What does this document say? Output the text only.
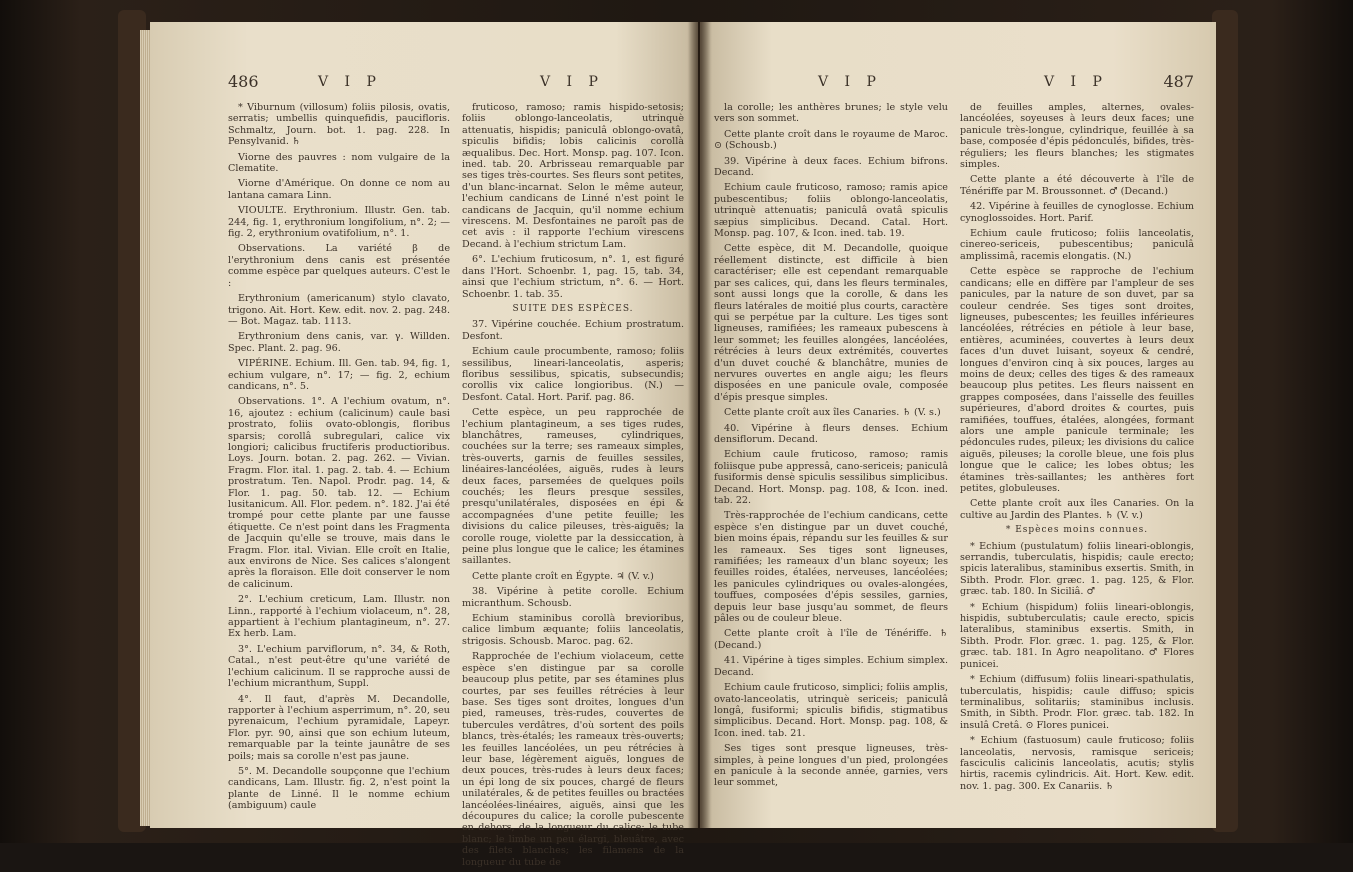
486	V I P	V I P

* Viburnum (villosum) foliis pilosis, ovatis, serratis; umbellis quinquefidis, paucifloris. Schmaltz, Journ. bot. 1. pag. 228. In Pensylvanid. ♄

Viorne des pauvres : nom vulgaire de la Clematite.

Viorne d'Amérique. On donne ce nom au lantana camara Linn.

VIOULTE. Erythronium. Illustr. Gen. tab. 244, fig. 1, erythronium longifolium, n°. 2; — fig. 2, erythronium ovatifolium, n°. 1.

Observations. La variété β de l'erythronium dens canis est présentée comme espèce par quelques auteurs. C'est le :

Erythronium (americanum) stylo clavato, trigono. Ait. Hort. Kew. edit. nov. 2. pag. 248. — Bot. Magaz. tab. 1113.

Erythronium dens canis, var. γ. Willden. Spec. Plant. 2. pag. 96.

VIPÉRINE. Echium. Ill. Gen. tab. 94, fig. 1, echium vulgare, n°. 17; — fig. 2, echium candicans, n°. 5.

Observations. 1°. A l'echium ovatum, n°. 16, ajoutez : echium (calicinum) caule basi prostrato, foliis ovato-oblongis, floribus sparsis; corollâ subregulari, calice vix longiori; calicibus fructiferis productioribus. Loys. Journ. botan. 2. pag. 262. — Vivian. Fragm. Flor. ital. 1. pag. 2. tab. 4. — Echium prostratum. Ten. Napol. Prodr. pag. 14, & Flor. 1. pag. 50. tab. 12. — Echium lusitanicum. All. Flor. pedem. n°. 182. J'ai été trompé pour cette plante par une fausse étiquette. Ce n'est point dans les Fragmenta de Jacquin qu'elle se trouve, mais dans le Fragm. Flor. ital. Vivian. Elle croît en Italie, aux environs de Nice. Ses calices s'alongent après la floraison. Elle doit conserver le nom de calicinum.

2°. L'echium creticum, Lam. Illustr. non Linn., rapporté à l'echium violaceum, n°. 28, appartient à l'echium plantagineum, n°. 27. Ex herb. Lam.

3°. L'echium parviflorum, n°. 34, & Roth, Catal., n'est peut-être qu'une variété de l'echium calicinum. Il se rapproche aussi de l'echium micranthum, Suppl.

4°. Il faut, d'après M. Decandolle, rapporter à l'echium asperrimum, n°. 20, seu pyrenaicum, l'echium pyramidale, Lapeyr. Flor. pyr. 90, ainsi que son echium luteum, remarquable par la teinte jaunâtre de ses poils; mais sa corolle n'est pas jaune.

5°. M. Decandolle soupçonne que l'echium candicans, Lam. Illustr. fig. 2, n'est point la plante de Linné. Il le nomme echium (ambiguum) caule

fruticoso, ramoso; ramis hispido-setosis; foliis oblongo-lanceolatis, utrinquè attenuatis, hispidis; paniculâ oblongo-ovatâ, spiculis bifidis; lobis calicinis corollà æqualibus. Dec. Hort. Monsp. pag. 107. Icon. ined. tab. 20. Arbrisseau remarquable par ses tiges très-courtes. Ses fleurs sont petites, d'un blanc-incarnat. Selon le même auteur, l'echium candicans de Linné n'est point le candicans de Jacquin, qu'il nomme echium virescens. M. Desfontaines ne paroît pas de cet avis : il rapporte l'echium virescens Decand. à l'echium strictum Lam.

6°. L'echium fruticosum, n°. 1, est figuré dans l'Hort. Schoenbr. 1, pag. 15, tab. 34, ainsi que l'echium strictum, n°. 6. — Hort. Schoenbr. 1. tab. 35.

SUITE DES ESPÈCES.

37. Vipérine couchée. Echium prostratum. Desfont.

Echium caule procumbente, ramoso; foliis sessilibus, lineari-lanceolatis, asperis; floribus sessilibus, spicatis, subsecundis; corollis vix calice longioribus. (N.) — Desfont. Catal. Hort. Parif. pag. 86.

Cette espèce, un peu rapprochée de l'echium plantagineum, a ses tiges rudes, blanchâtres, rameuses, cylindriques, couchées sur la terre; ses rameaux simples, très-ouverts, garnis de feuilles sessiles, linéaires-lancéolées, aiguës, rudes à leurs deux faces, parsemées de quelques poils couchés; les fleurs presque sessiles, presqu'unilatérales, disposées en épi & accompagnées d'une petite feuille; les divisions du calice pileuses, très-aiguës; la corolle rouge, violette par la dessiccation, à peine plus longue que le calice; les étamines saillantes.

Cette plante croît en Égypte. ♃ (V. v.)

38. Vipérine à petite corolle. Echium micranthum. Schousb.

Echium staminibus corollà brevioribus, calice limbum æquante; foliis lanceolatis, strigosis. Schousb. Maroc. pag. 62.

Rapprochée de l'echium violaceum, cette espèce s'en distingue par sa corolle beaucoup plus petite, par ses étamines plus courtes, par ses feuilles rétrécies à leur base. Ses tiges sont droites, longues d'un pied, rameuses, très-rudes, couvertes de tubercules verdâtres, d'où sortent des poils blancs, très-étalés; les rameaux très-ouverts; les feuilles lancéolées, un peu rétrécies à leur base, légèrement aiguës, longues de deux pouces, très-rudes à leurs deux faces; un épi long de six pouces, chargé de fleurs unilatérales, & de petites feuilles ou bractées lancéolées-linéaires, aiguës, ainsi que les découpures du calice; la corolle pubescente en dehors, de la longueur du calice; le tube blanc; le limbe un peu élargi, bleuâtre, avec des filets blanches; les filamens de la longueur du tube de

V I P	V I P	487

la corolle; les anthères brunes; le style velu vers son sommet.

Cette plante croît dans le royaume de Maroc. ⊙ (Schousb.)

39. Vipérine à deux faces. Echium bifrons. Decand.

Echium caule fruticoso, ramoso; ramis apice pubescentibus; foliis oblongo-lanceolatis, utrinquè attenuatis; paniculâ ovatâ spiculis sæpius simplicibus. Decand. Catal. Hort. Monsp. pag. 107, & Icon. ined. tab. 19.

Cette espèce, dit M. Decandolle, quoique réellement distincte, est difficile à bien caractériser; elle est cependant remarquable par ses calices, qui, dans les fleurs terminales, sont aussi longs que la corolle, & dans les fleurs latérales de moitié plus courts, caractère qui se perpétue par la culture. Les tiges sont ligneuses, ramifiées; les rameaux pubescens à leur sommet; les feuilles alongées, lancéolées, rétrécies à leurs deux extrémités, couvertes d'un duvet couché & blanchâtre, munies de nervures ouvertes en angle aigu; les fleurs disposées en une panicule ovale, composée d'épis presque simples.

Cette plante croît aux îles Canaries. ♄ (V. s.)

40. Vipérine à fleurs denses. Echium densiflorum. Decand.

Echium caule fruticoso, ramoso; ramis foliisque pube appressâ, cano-sericeis; paniculâ fusiformis densè spiculis sessilibus simplicibus. Decand. Hort. Monsp. pag. 108, & Icon. ined. tab. 22.

Très-rapprochée de l'echium candicans, cette espèce s'en distingue par un duvet couché, bien moins épais, répandu sur les feuilles & sur les rameaux. Ses tiges sont ligneuses, ramifiées; les rameaux d'un blanc soyeux; les feuilles roides, étalées, nerveuses, lancéolées; les panicules cylindriques ou ovales-alongées, touffues, composées d'épis sessiles, garnies, depuis leur base jusqu'au sommet, de fleurs pâles ou de couleur bleue.

Cette plante croît à l'île de Ténériffe. ♄ (Decand.)

41. Vipérine à tiges simples. Echium simplex. Decand.

Echium caule fruticoso, simplici; foliis amplis, ovato-lanceolatis, utrinquè sericeis; paniculâ longâ, fusiformi; spiculis bifidis, stigmatibus simplicibus. Decand. Hort. Monsp. pag. 108, & Icon. ined. tab. 21.

Ses tiges sont presque ligneuses, très-simples, à peine longues d'un pied, prolongées en panicule à la seconde année, garnies, vers leur sommet,

de feuilles amples, alternes, ovales-lancéolées, soyeuses à leurs deux faces; une panicule très-longue, cylindrique, feuillée à sa base, composée d'épis pédonculés, bifides, très-réguliers; les fleurs blanches; les stigmates simples.

Cette plante a été découverte à l'île de Ténériffe par M. Broussonnet. ♂ (Decand.)

42. Vipérine à feuilles de cynoglosse. Echium cynoglossoides. Hort. Parif.

Echium caule fruticoso; foliis lanceolatis, cinereo-sericeis, pubescentibus; paniculâ amplissimâ, racemis elongatis. (N.)

Cette espèce se rapproche de l'echium candicans; elle en diffère par l'ampleur de ses panicules, par la nature de son duvet, par sa couleur cendrée. Ses tiges sont droites, ligneuses, pubescentes; les feuilles inférieures lancéolées, rétrécies en pétiole à leur base, entières, acuminées, couvertes à leurs deux faces d'un duvet luisant, soyeux & cendré, longues d'environ cinq à six pouces, larges au moins de deux; celles des tiges & des rameaux beaucoup plus petites. Les fleurs naissent en grappes composées, dans l'aisselle des feuilles supérieures, d'abord droites & courtes, puis ramifiées, touffues, étalées, alongées, formant alors une ample panicule terminale; les pédoncules rudes, pileux; les divisions du calice aiguës, pileuses; la corolle bleue, une fois plus longue que le calice; les lobes obtus; les étamines très-saillantes; les anthères fort petites, globuleuses.

Cette plante croît aux îles Canaries. On la cultive au Jardin des Plantes. ♄ (V. v.)

* Espèces moins connues.

* Echium (pustulatum) foliis lineari-oblongis, serrandis, tuberculatis, hispidis; caule erecto; spicis lateralibus, staminibus exsertis. Smith, in Sibth. Prodr. Flor. græc. 1. pag. 125, & Flor. græc. tab. 180. In Siciliâ. ♂

* Echium (hispidum) foliis lineari-oblongis, hispidis, subtuberculatis; caule erecto, spicis lateralibus, staminibus exsertis. Smith, in Sibth. Prodr. Flor. græc. 1. pag. 125, & Flor. græc. tab. 181. In Agro neapolitano. ♂ Flores punicei.

* Echium (diffusum) foliis lineari-spathulatis, tuberculatis, hispidis; caule diffuso; spicis terminalibus, solitariis; staminibus inclusis. Smith, in Sibth. Prodr. Flor. græc. tab. 182. In insulâ Cretâ. ⊙ Flores punicei.

* Echium (fastuosum) caule fruticoso; foliis lanceolatis, nervosis, ramisque sericeis; fasciculis calicinis lanceolatis, acutis; stylis hirtis, racemis cylindricis. Ait. Hort. Kew. edit. nov. 1. pag. 300. Ex Canariis. ♄
